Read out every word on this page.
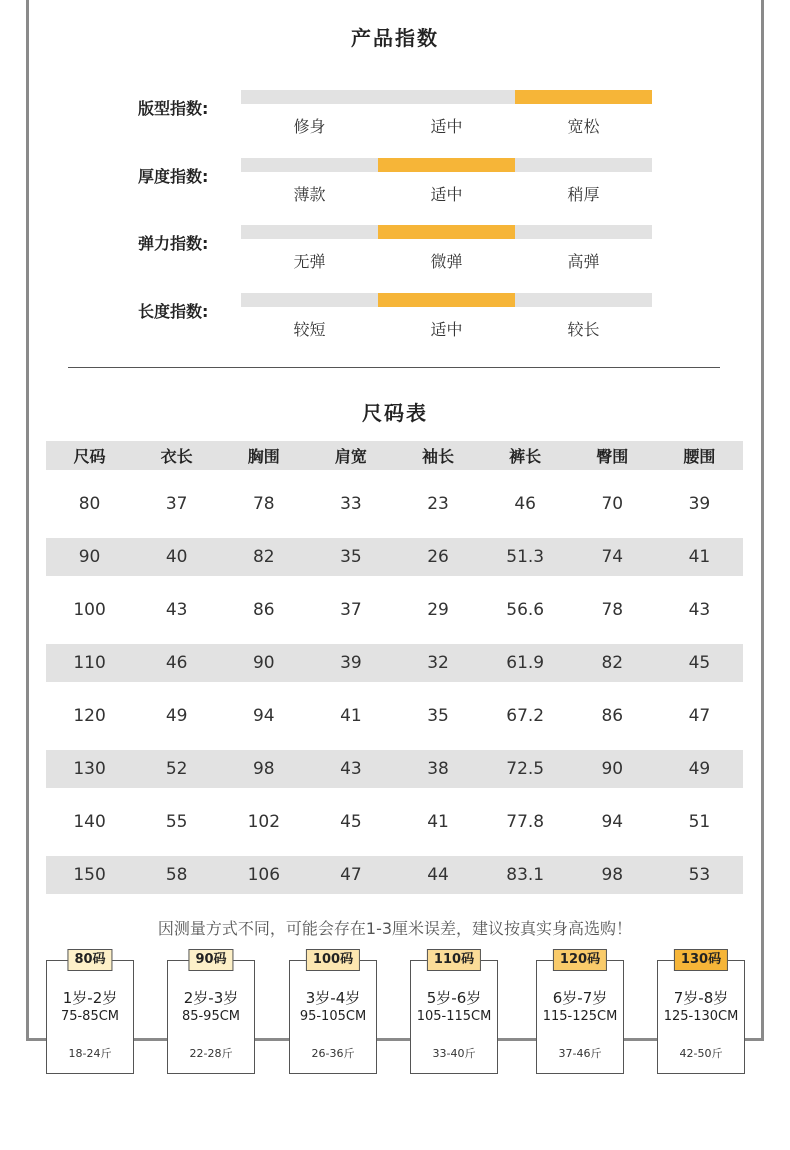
产品指数
版型指数:
修身	适中	宽松
厚度指数:
薄款	适中	稍厚
弹力指数:
无弹	微弹	高弹
长度指数:
较短	适中	较长
尺码表
尺码	衣长	胸围	肩宽	袖长	裤长	臀围	腰围
80	37	78	33	23	46	70	39
90	40	82	35	26	51.3	74	41
100	43	86	37	29	56.6	78	43
110	46	90	39	32	61.9	82	45
120	49	94	41	35	67.2	86	47
130	52	98	43	38	72.5	90	49
140	55	102	45	41	77.8	94	51
150	58	106	47	44	83.1	98	53
因测量方式不同，可能会存在1-3厘米误差，建议按真实身高选购！
80码
1岁-2岁
75-85CM
18-24斤
90码
2岁-3岁
85-95CM
22-28斤
100码
3岁-4岁
95-105CM
26-36斤
110码
5岁-6岁
105-115CM
33-40斤
120码
6岁-7岁
115-125CM
37-46斤
130码
7岁-8岁
125-130CM
42-50斤
